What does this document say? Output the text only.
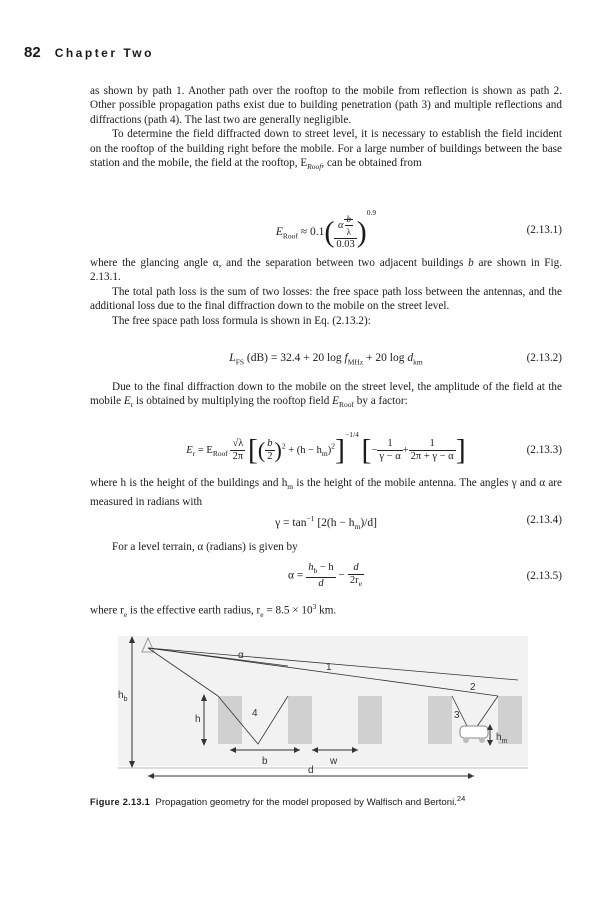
82 Chapter Two

as shown by path 1. Another path over the rooftop to the mobile from reflection is shown as path 2. Other possible propagation paths exist due to building penetration (path 3) and multiple reflections and diffractions (path 4). The last two are generally negligible.

To determine the field diffracted down to street level, it is necessary to establish the field incident on the rooftop of the building right before the mobile. For a large number of buildings between the base station and the mobile, the field at the rooftop, $E_{Roof}$, can be obtained from

$E_{Roof} \approx 0.1( \frac{\alpha \frac{b}{\lambda}}{0.03} )^{0.9}$
(2.13.1)

where the glancing angle α, and the separation between two adjacent buildings b are shown in Fig. 2.13.1.

The total path loss is the sum of two losses: the free space path loss between the antennas, and the additional loss due to the final diffraction down to the mobile on the street level.

The free space path loss formula is shown in Eq. (2.13.2):

$L_{FS}$ (dB) = 32.4 + 20 $\log f_{MHz} + 20$ $\log d_{km}$	(2.13.2)

Due to the final diffraction down to the mobile on the street level, the amplitude of the field at the mobile $E_r$ is obtained by multiplying the rooftop field $E_{Roof}$ by a factor:

$E_r = E_{Roof} \frac{√\lambda}{2\pi}$ [( $\frac{b}{2} )^2 + (h - h_m)^2]^{-1/4}$ [− $\frac{1}{\gamma - \alpha} + \frac{1}{2\pi + \gamma - \alpha}$ ]	(2.13.3)

where h is the height of the buildings and $h_m$ is the height of the mobile antenna. The angles γ and α are measured in radians with

$\gamma = \tan^{-1} [2(h - h_m)/d]$	(2.13.4)

For a level terrain, α (radians) is given by

$\alpha = \frac{h_b - h}{d} - \frac{d}{2r_e}$	(2.13.5)

where $r_e$ is the effective earth radius, $r_e = 8.5 \times 10^3$ km.

α
1
2
3
4
$h_b$
h
$h_m$
b	w
d
Figure 2.13.1 Propagation geometry for the model proposed by Walfisch and Bertoni.$^{24}$
